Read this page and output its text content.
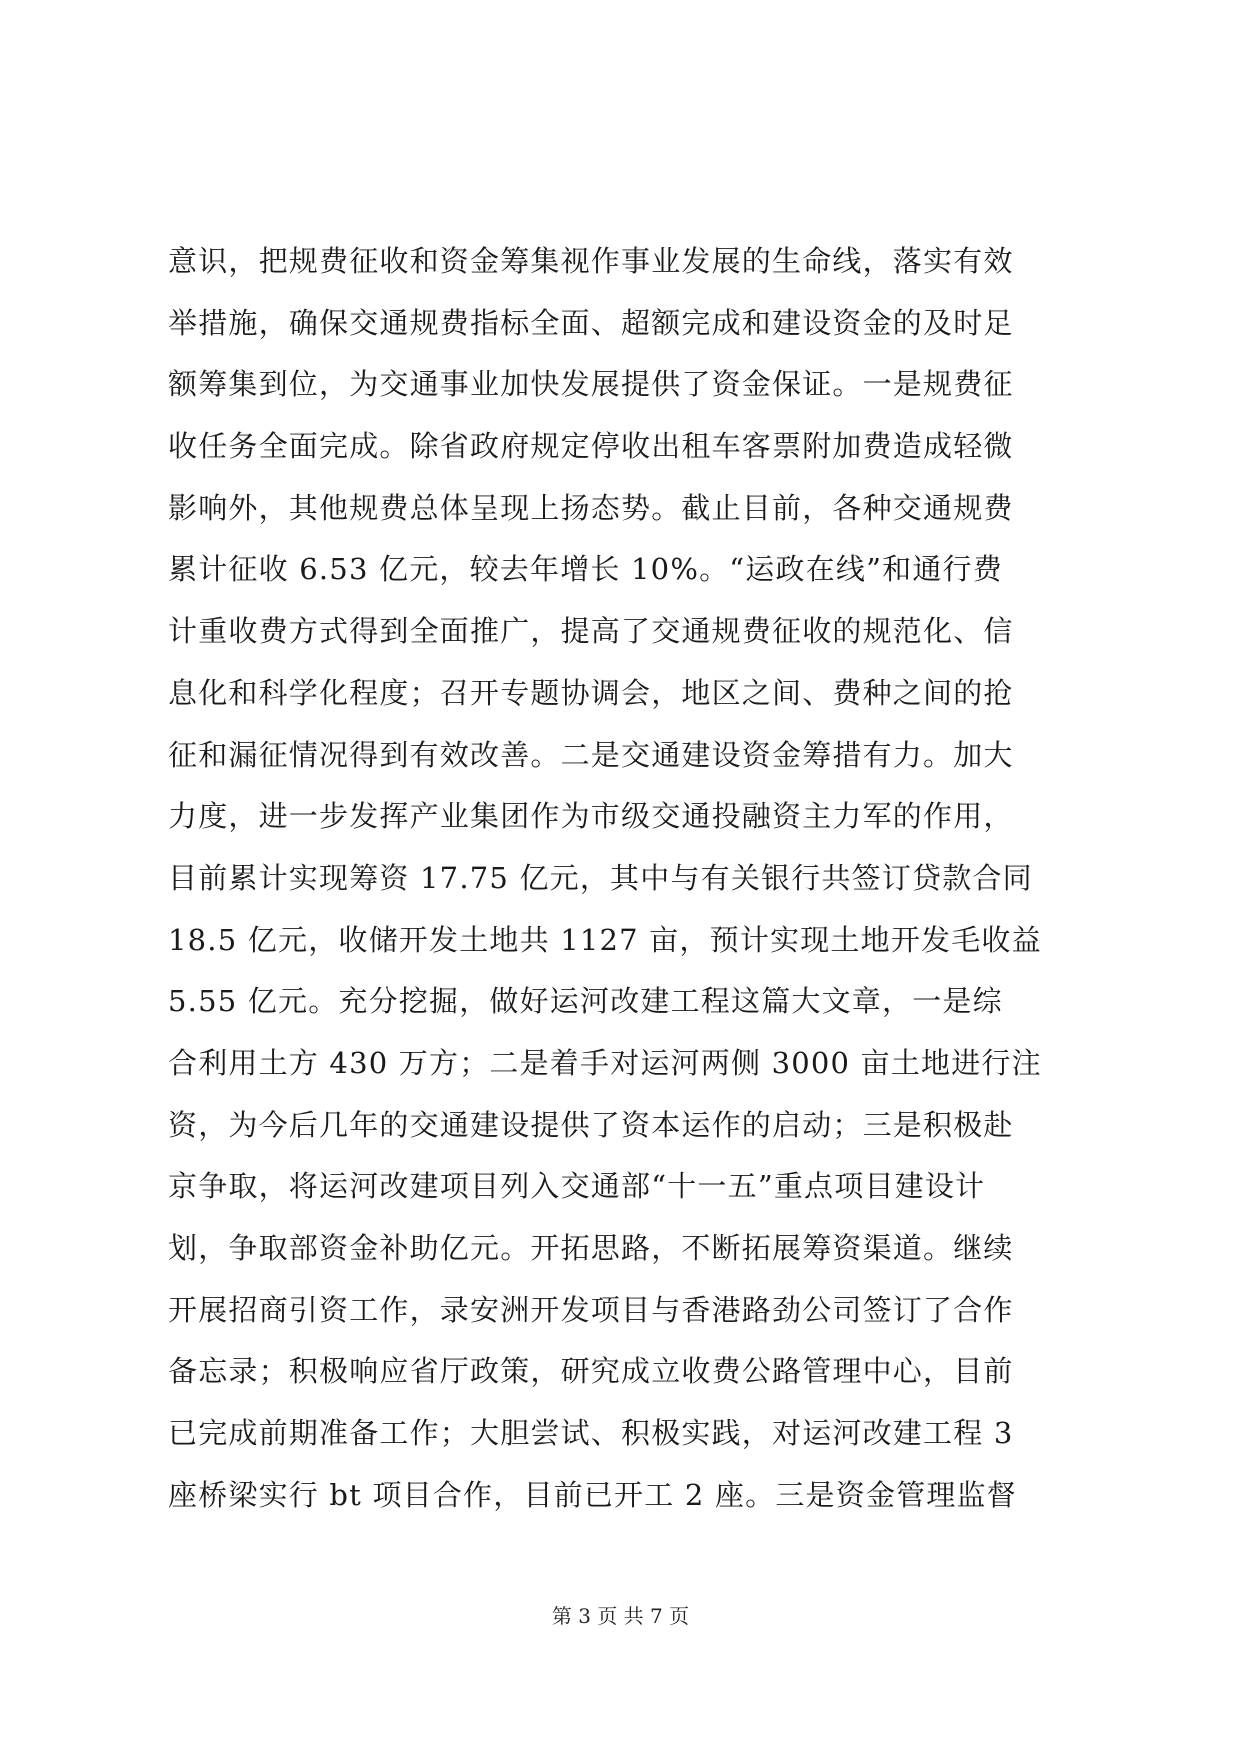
意识，把规费征收和资金筹集视作事业发展的生命线，落实有效
举措施，确保交通规费指标全面、超额完成和建设资金的及时足
额筹集到位，为交通事业加快发展提供了资金保证。一是规费征
收任务全面完成。除省政府规定停收出租车客票附加费造成轻微
影响外，其他规费总体呈现上扬态势。截止目前，各种交通规费
累计征收 6.53 亿元，较去年增长 10%。“运政在线”和通行费
计重收费方式得到全面推广，提高了交通规费征收的规范化、信
息化和科学化程度；召开专题协调会，地区之间、费种之间的抢
征和漏征情况得到有效改善。二是交通建设资金筹措有力。加大
力度，进一步发挥产业集团作为市级交通投融资主力军的作用，
目前累计实现筹资 17.75 亿元，其中与有关银行共签订贷款合同
18.5 亿元，收储开发土地共 1127 亩，预计实现土地开发毛收益
5.55 亿元。充分挖掘，做好运河改建工程这篇大文章，一是综
合利用土方 430 万方；二是着手对运河两侧 3000 亩土地进行注
资，为今后几年的交通建设提供了资本运作的启动；三是积极赴
京争取，将运河改建项目列入交通部“十一五”重点项目建设计
划，争取部资金补助亿元。开拓思路，不断拓展筹资渠道。继续
开展招商引资工作，录安洲开发项目与香港路劲公司签订了合作
备忘录；积极响应省厅政策，研究成立收费公路管理中心，目前
已完成前期准备工作；大胆尝试、积极实践，对运河改建工程 3
座桥梁实行 bt 项目合作，目前已开工 2 座。三是资金管理监督
第 3 页 共 7 页
